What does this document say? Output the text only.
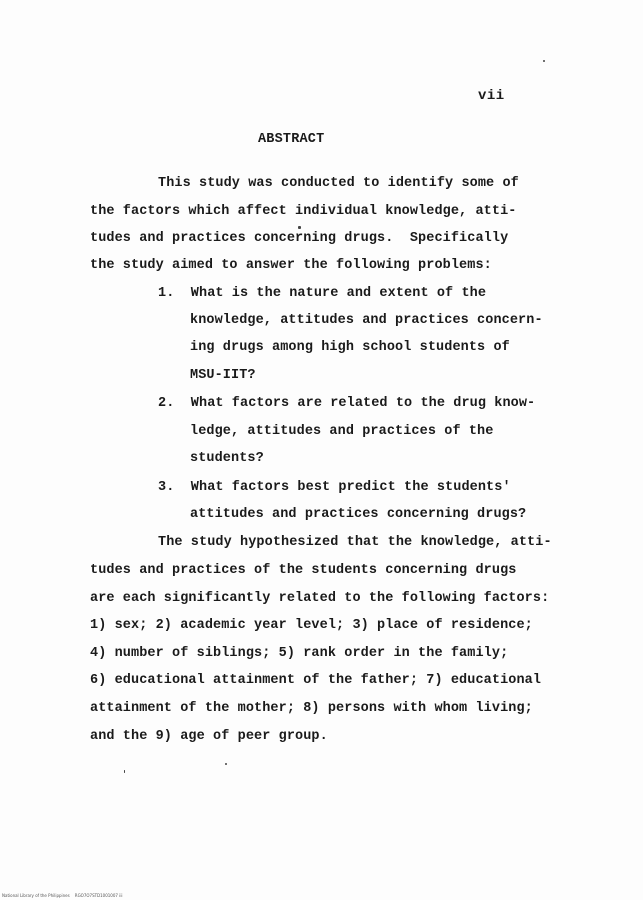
vii
ABSTRACT
This study was conducted to identify some of
the factors which affect individual knowledge, atti-
tudes and practices concerning drugs.  Specifically
the study aimed to answer the following problems:
1.  What is the nature and extent of the
knowledge, attitudes and practices concern-
ing drugs among high school students of
MSU-IIT?
2.  What factors are related to the drug know-
ledge, attitudes and practices of the
students?
3.  What factors best predict the students'
attitudes and practices concerning drugs?
The study hypothesized that the knowledge, atti-
tudes and practices of the students concerning drugs
are each significantly related to the following factors:
1) sex; 2) academic year level; 3) place of residence;
4) number of siblings; 5) rank order in the family;
6) educational attainment of the father; 7) educational
attainment of the mother; 8) persons with whom living;
and the 9) age of peer group.
National Library of the Philippines    RGO7O7STD1001007 iii
